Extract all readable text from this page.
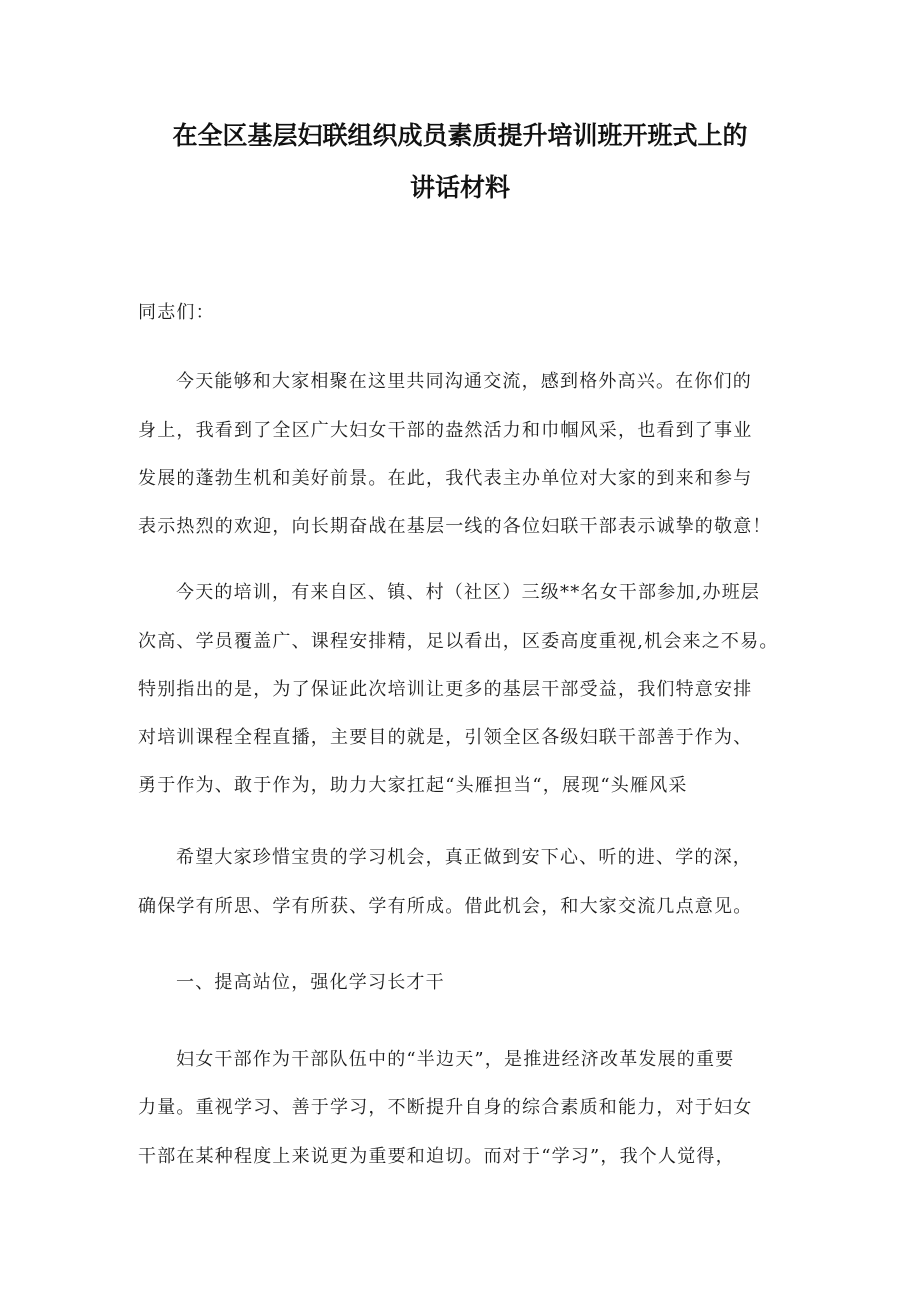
在全区基层妇联组织成员素质提升培训班开班式上的
讲话材料
同志们：
今天能够和大家相聚在这里共同沟通交流，感到格外高兴。在你们的
身上，我看到了全区广大妇女干部的盎然活力和巾帼风采，也看到了事业
发展的蓬勃生机和美好前景。在此，我代表主办单位对大家的到来和参与
表示热烈的欢迎，向长期奋战在基层一线的各位妇联干部表示诚挚的敬意！
今天的培训，有来自区、镇、村（社区）三级**名女干部参加,办班层
次高、学员覆盖广、课程安排精，足以看出，区委高度重视,机会来之不易。
特别指出的是，为了保证此次培训让更多的基层干部受益，我们特意安排
对培训课程全程直播，主要目的就是，引领全区各级妇联干部善于作为、
勇于作为、敢于作为，助力大家扛起“头雁担当“，展现“头雁风采
希望大家珍惜宝贵的学习机会，真正做到安下心、听的进、学的深，
确保学有所思、学有所获、学有所成。借此机会，和大家交流几点意见。
一、提高站位，强化学习长才干
妇女干部作为干部队伍中的“半边天”，是推进经济改革发展的重要
力量。重视学习、善于学习，不断提升自身的综合素质和能力，对于妇女
干部在某种程度上来说更为重要和迫切。而对于“学习”，我个人觉得，
